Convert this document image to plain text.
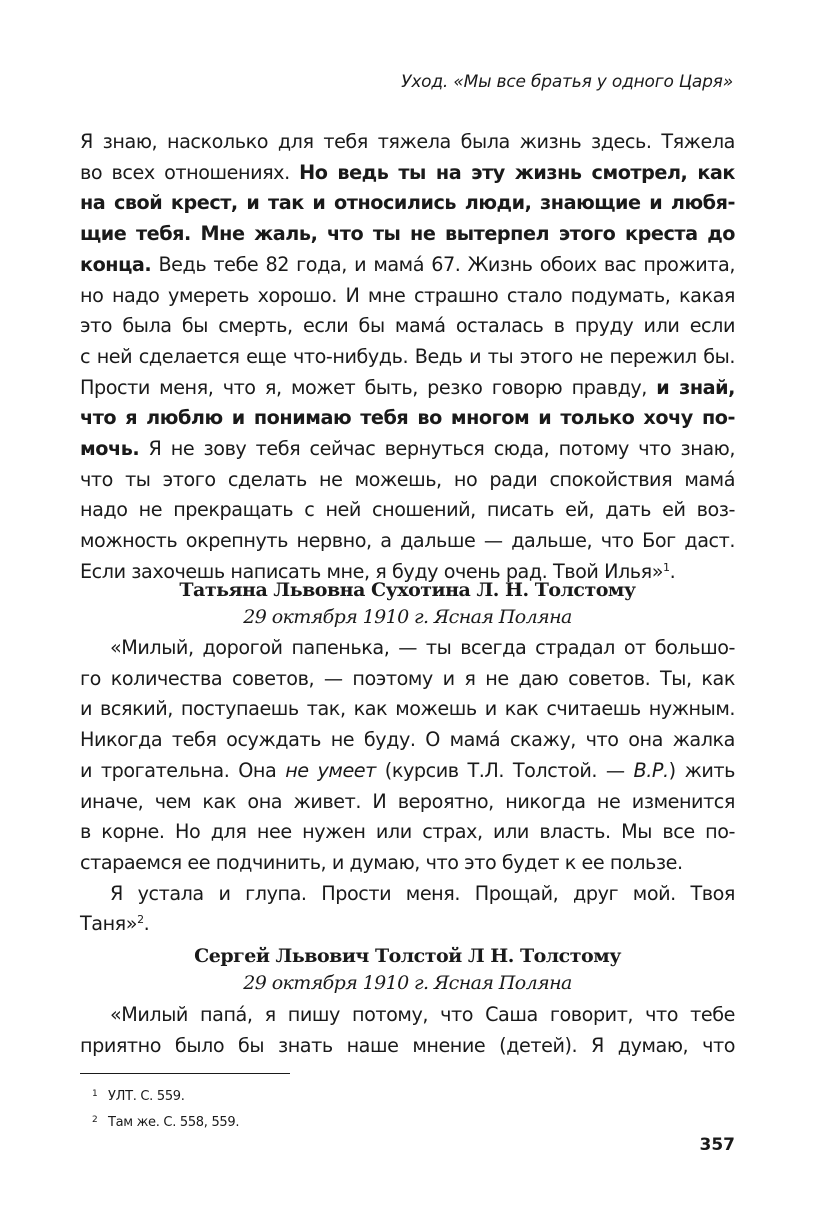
Уход. «Мы все братья у одного Царя»
Я знаю, насколько для тебя тяжела была жизнь здесь. Тяжела
во всех отношениях. Но ведь ты на эту жизнь смотрел, как
на свой крест, и так и относились люди, знающие и любя-
щие тебя. Мне жаль, что ты не вытерпел этого креста до
конца. Ведь тебе 82 года, и мама́ 67. Жизнь обоих вас прожита,
но надо умереть хорошо. И мне страшно стало подумать, какая
это была бы смерть, если бы мама́ осталась в пруду или если
с ней сделается еще что-нибудь. Ведь и ты этого не пережил бы.
Прости меня, что я, может быть, резко говорю правду, и знай,
что я люблю и понимаю тебя во многом и только хочу по-
мочь. Я не зову тебя сейчас вернуться сюда, потому что знаю,
что ты этого сделать не можешь, но ради спокойствия мама́
надо не прекращать с ней сношений, писать ей, дать ей воз-
можность окрепнуть нервно, а дальше — дальше, что Бог даст.
Если захочешь написать мне, я буду очень рад. Твой Илья»$^1$.
Татьяна Львовна Сухотина Л. Н. Толстому
29 октября 1910 г. Ясная Поляна
«Милый, дорогой папенька, — ты всегда страдал от большо-
го количества советов, — поэтому и я не даю советов. Ты, как
и всякий, поступаешь так, как можешь и как считаешь нужным.
Никогда тебя осуждать не буду. О мама́ скажу, что она жалка
и трогательна. Она не умеет (курсив Т.Л. Толстой. — В.Р.) жить
иначе, чем как она живет. И вероятно, никогда не изменится
в корне. Но для нее нужен или страх, или власть. Мы все по-
стараемся ее подчинить, и думаю, что это будет к ее пользе.
Я устала и глупа. Прости меня. Прощай, друг мой. Твоя
Таня»$^2$.
Сергей Львович Толстой Л Н. Толстому
29 октября 1910 г. Ясная Поляна
«Милый папа́, я пишу потому, что Саша говорит, что тебе
приятно было бы знать наше мнение (детей). Я думаю, что
1 УЛТ. С. 559.
2 Там же. С. 558, 559.
357
